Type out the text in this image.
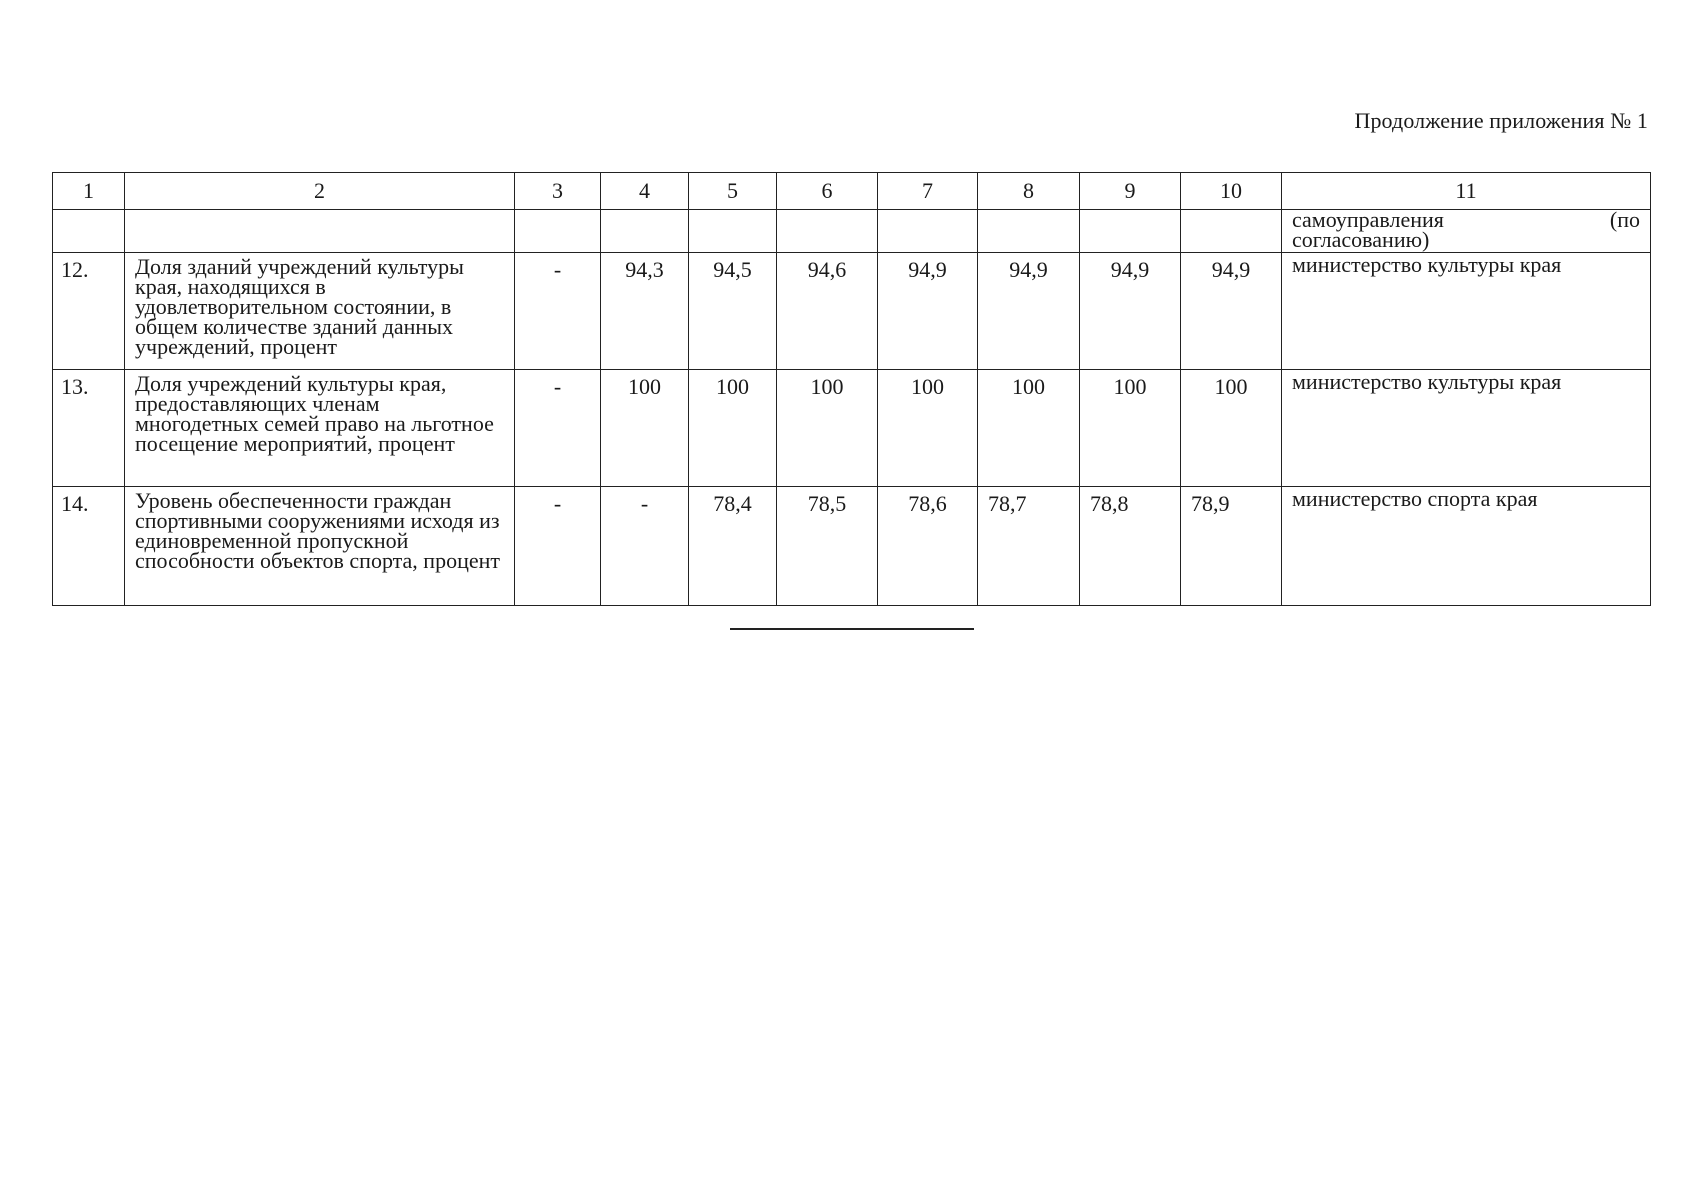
Продолжение приложения № 1
1	2	3	4	5	6	7	8	9	10	11

										самоуправления (по
согласованию)

12.	Доля зданий учреждений культуры края, находящихся в удовлетворительном состоянии, в общем количестве зданий данных учреждений, процент	-	94,3	94,5	94,6	94,9	94,9	94,9	94,9	министерство культуры края
13.	Доля учреждений культуры края, предоставляющих членам многодетных семей право на льготное посещение мероприятий, процент	-	100	100	100	100	100	100	100	министерство культуры края
14.	Уровень обеспеченности граждан спортивными сооружениями исходя из единовременной пропускной способности объектов спорта, процент	-	-	78,4	78,5	78,6	78,7	78,8	78,9	министерство спорта края
